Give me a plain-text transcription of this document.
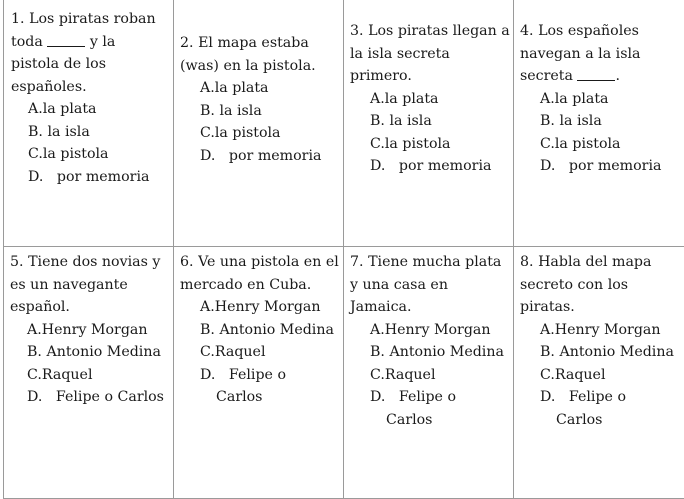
1. Los piratas roban toda	y la pistola de los españoles.

A.la plata
B. la isla
C.la pistola
D. por memoria

2. El mapa estaba (was) en la pistola.

A.la plata
B. la isla
C.la pistola
D. por memoria

3. Los piratas llegan a la isla secreta primero.

A.la plata
B. la isla
C.la pistola
D. por memoria

4. Los españoles navegan a la isla secreta	.

A.la plata
B. la isla
C.la pistola
D. por memoria

5. Tiene dos novias y es un navegante español.

A.Henry Morgan
B. Antonio Medina
C.Raquel
D. Felipe o Carlos

6. Ve una pistola en el mercado en Cuba.

A.Henry Morgan
B. Antonio Medina
C.Raquel
D. Felipe o Carlos

7. Tiene mucha plata y una casa en Jamaica.

A.Henry Morgan
B. Antonio Medina
C.Raquel
D. Felipe o Carlos

8. Habla del mapa secreto con los piratas.

A.Henry Morgan
B. Antonio Medina
C.Raquel
D. Felipe o Carlos
